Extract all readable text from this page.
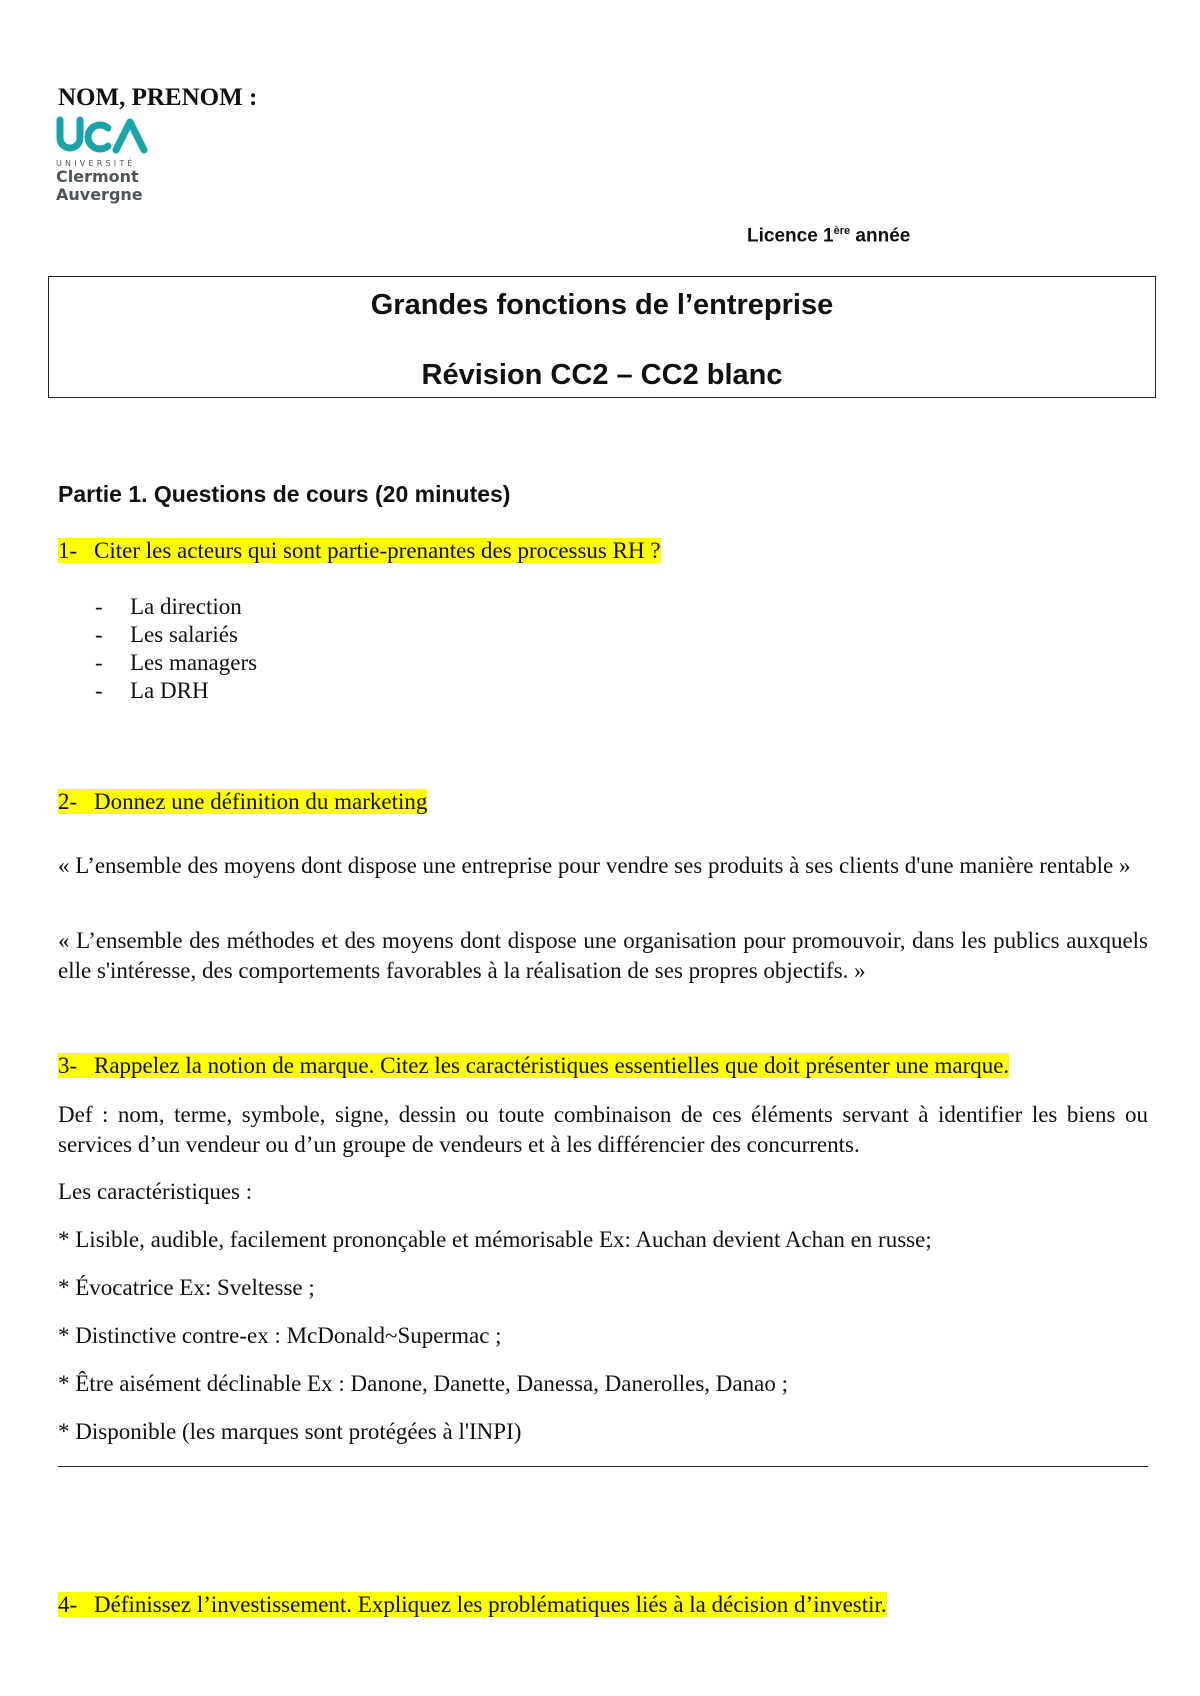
NOM, PRENOM :
UNIVERSITÉ
Clermont
Auvergne
Licence 1ère année
Grandes fonctions de l’entreprise
Révision CC2 – CC2 blanc
Partie 1. Questions de cours (20 minutes)
1- Citer les acteurs qui sont partie-prenantes des processus RH ?
-	La direction
-	Les salariés
-	Les managers
-	La DRH
2- Donnez une définition du marketing
« L’ensemble des moyens dont dispose une entreprise pour vendre ses produits à ses clients d'une manière rentable »
« L’ensemble des méthodes et des moyens dont dispose une organisation pour promouvoir, dans les publics auxquels elle s'intéresse, des comportements favorables à la réalisation de ses propres objectifs. »
3- Rappelez la notion de marque. Citez les caractéristiques essentielles que doit présenter une marque.
Def : nom, terme, symbole, signe, dessin ou toute combinaison de ces éléments servant à identifier les biens ou services d’un vendeur ou d’un groupe de vendeurs et à les différencier des concurrents.
Les caractéristiques :
* Lisible, audible, facilement prononçable et mémorisable Ex: Auchan devient Achan en russe;
* Évocatrice Ex: Sveltesse ;
* Distinctive contre-ex : McDonald~Supermac ;
* Être aisément déclinable Ex : Danone, Danette, Danessa, Danerolles, Danao ;
* Disponible (les marques sont protégées à l'INPI)
4- Définissez l’investissement. Expliquez les problématiques liés à la décision d’investir.
